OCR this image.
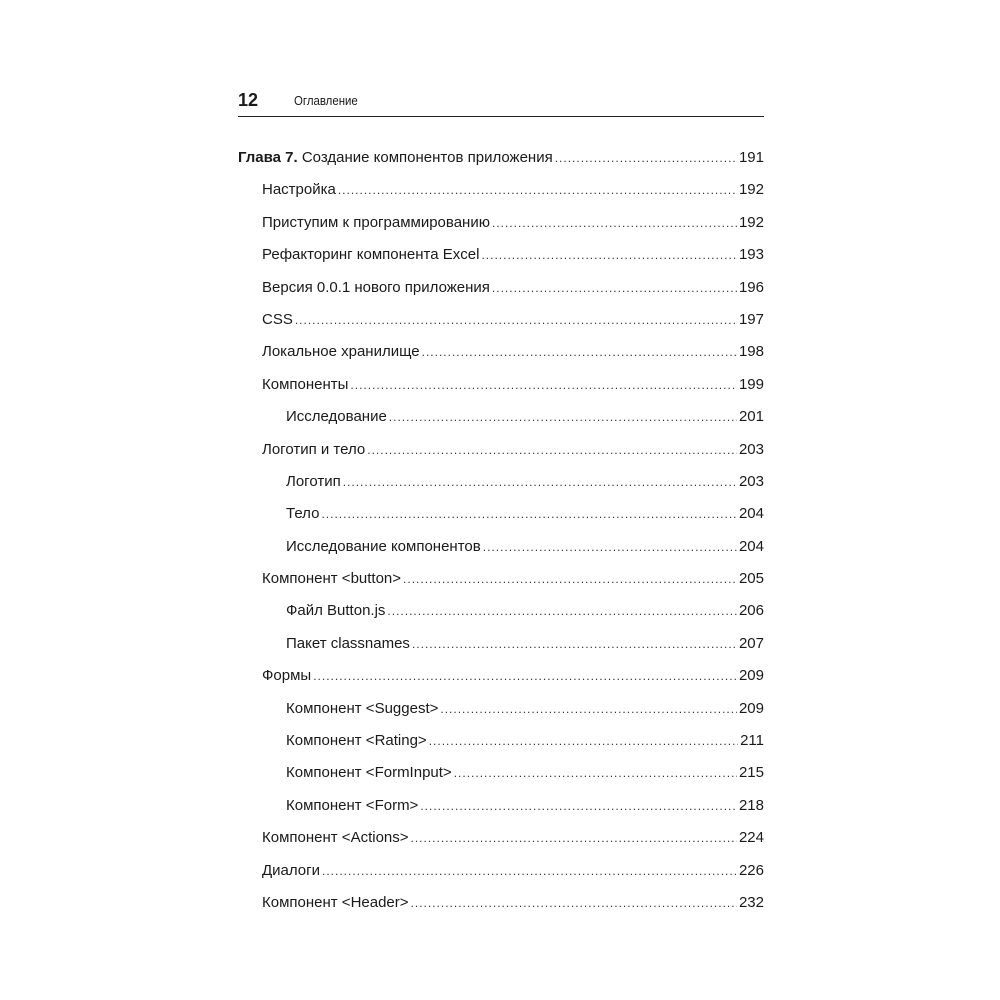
12	Оглавление
Глава 7. Создание компонентов приложения .....	191
Настройка .....	192
Приступим к программированию .....	192
Рефакторинг компонента Excel .....	193
Версия 0.0.1 нового приложения .....	196
CSS .....	197
Локальное хранилище .....	198
Компоненты .....	199
Исследование .....	201
Логотип и тело .....	203
Логотип .....	203
Тело .....	204
Исследование компонентов .....	204
Компонент <button> .....	205
Файл Button.js .....	206
Пакет classnames .....	207
Формы .....	209
Компонент <Suggest> .....	209
Компонент <Rating> .....	211
Компонент <FormInput> .....	215
Компонент <Form> .....	218
Компонент <Actions> .....	224
Диалоги .....	226
Компонент <Header> .....	232
